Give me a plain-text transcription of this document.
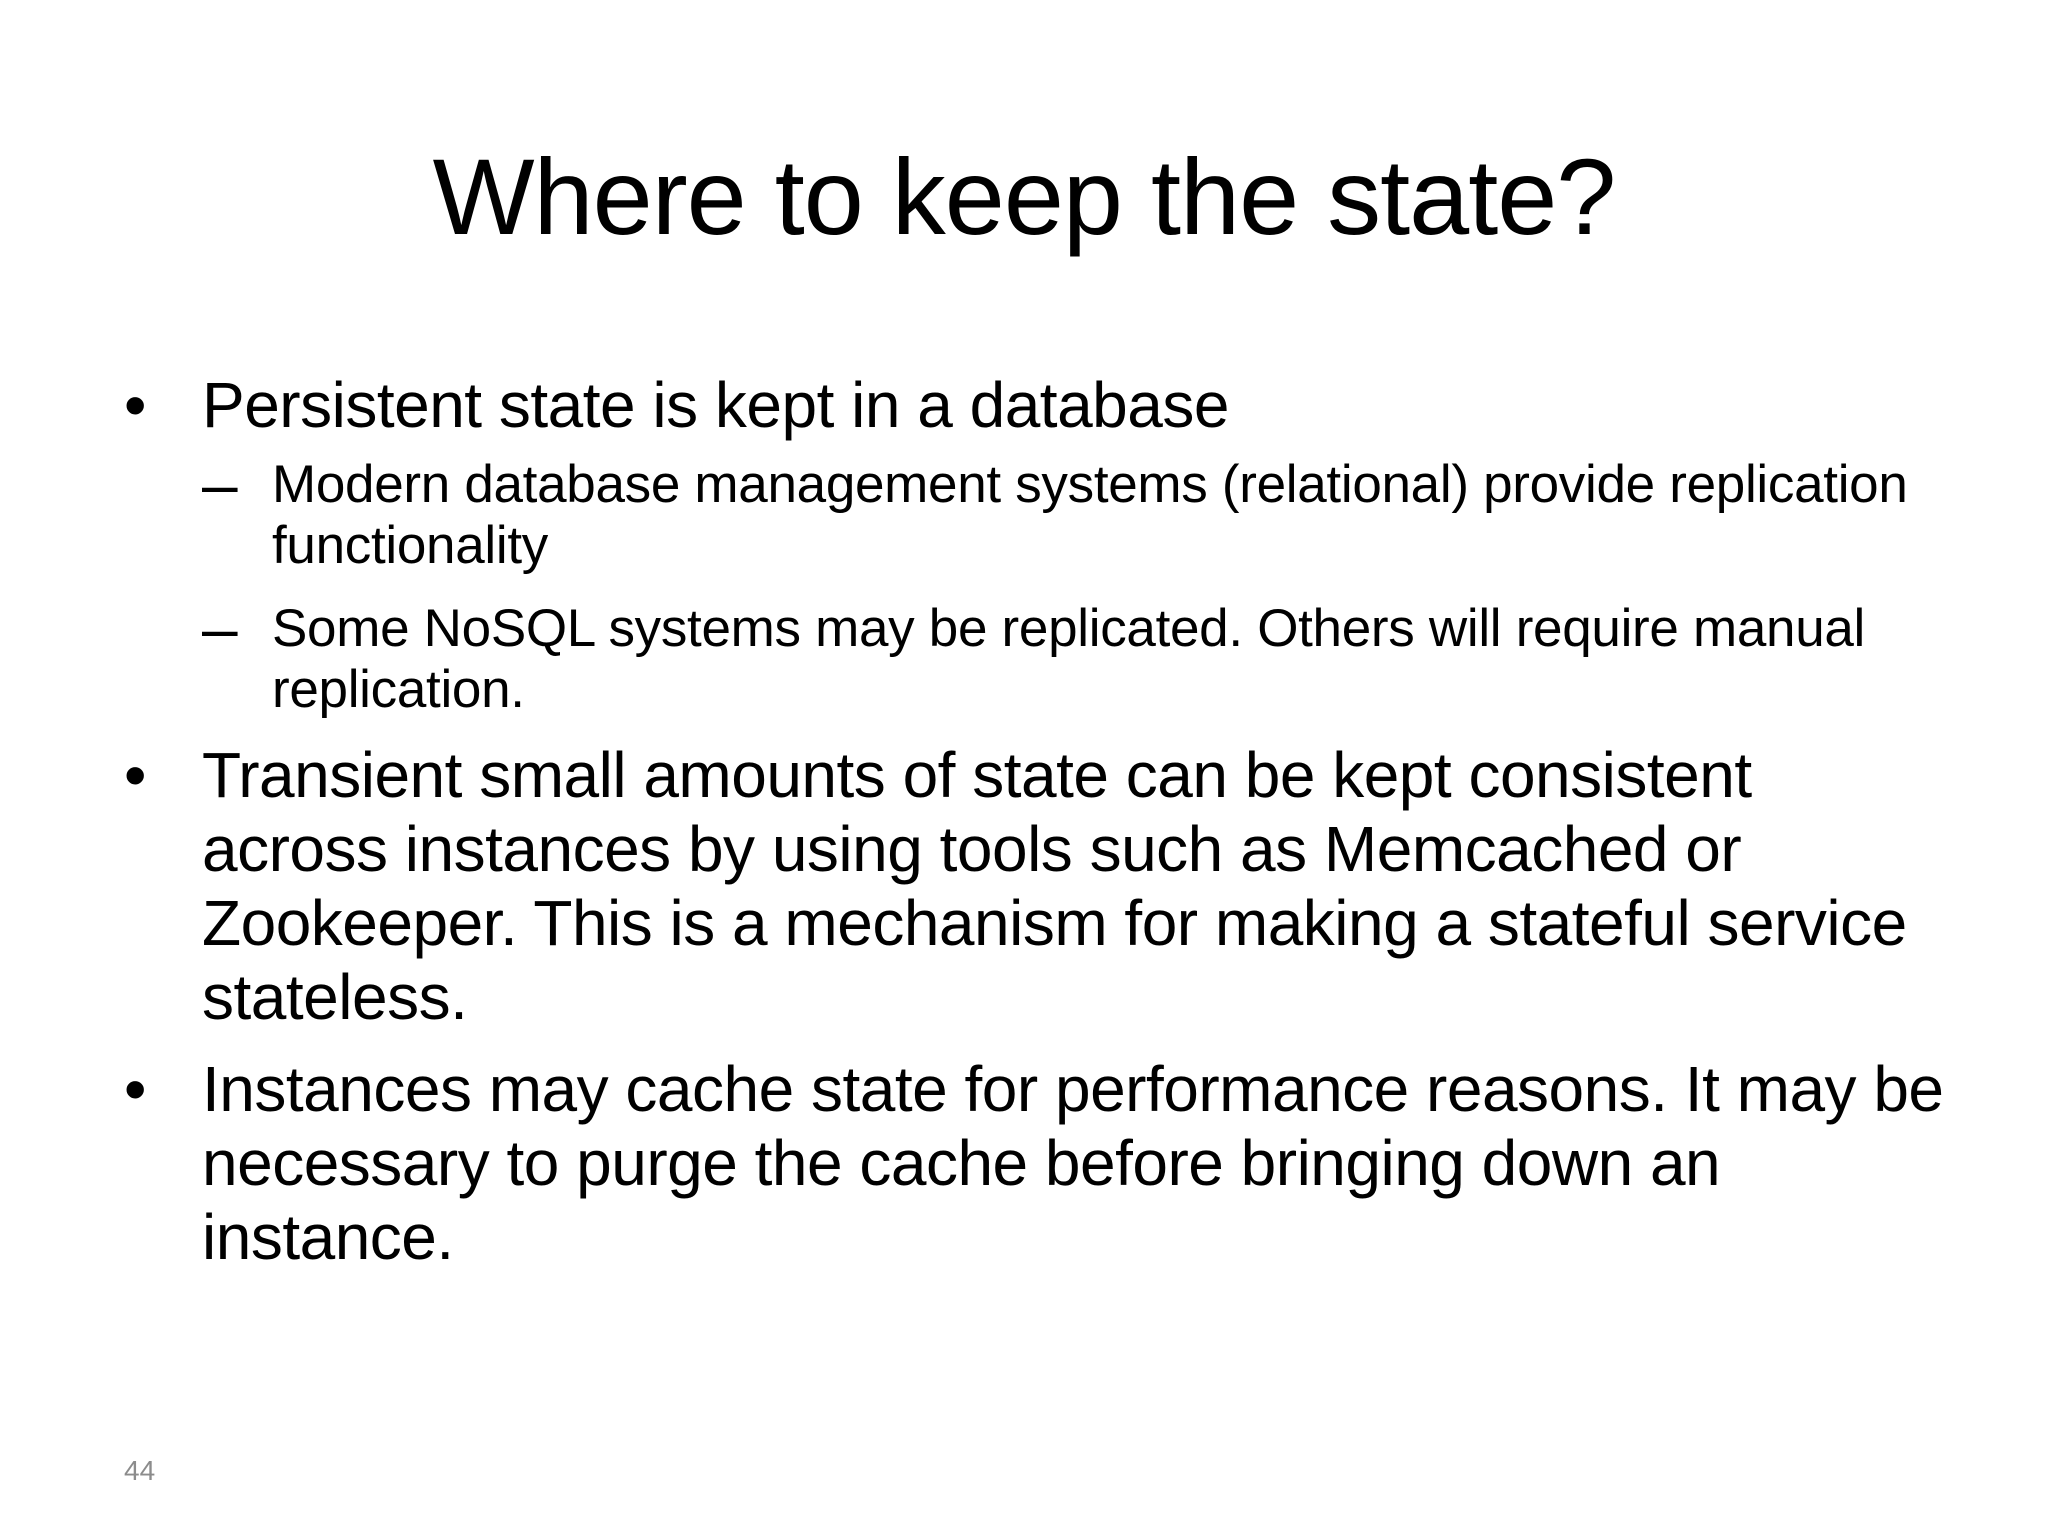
Where to keep the state?
• Persistent state is kept in a database
– Modern database management systems (relational) provide replication functionality
– Some NoSQL systems may be replicated. Others will require manual replication.
• Transient small amounts of state can be kept consistent across instances by using tools such as Memcached or Zookeeper. This is a mechanism for making a stateful service stateless.
• Instances may cache state for performance reasons. It may be necessary to purge the cache before bringing down an instance.
44
